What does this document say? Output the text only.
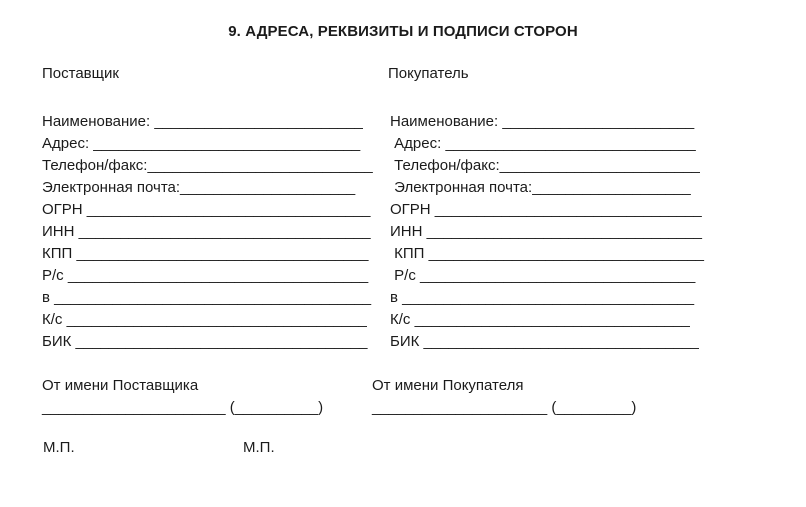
9. АДРЕСА, РЕКВИЗИТЫ И ПОДПИСИ СТОРОН
Поставщик	Покупатель
Наименование: _________________________
Адрес: ________________________________
Телефон/факс:___________________________
Электронная почта:_____________________
ОГРН __________________________________
ИНН ___________________________________
КПП ___________________________________
Р/с ____________________________________
в ______________________________________
К/с ____________________________________
БИК ___________________________________
Наименование: _______________________
Адрес: ______________________________
Телефон/факс:________________________
Электронная почта:___________________
ОГРН ________________________________
ИНН _________________________________
КПП _________________________________
Р/с _________________________________
в ___________________________________
К/с _________________________________
БИК _________________________________
От имени Поставщика
______________________ (__________)
От имени Покупателя
_____________________ (_________)
М.П.	М.П.
